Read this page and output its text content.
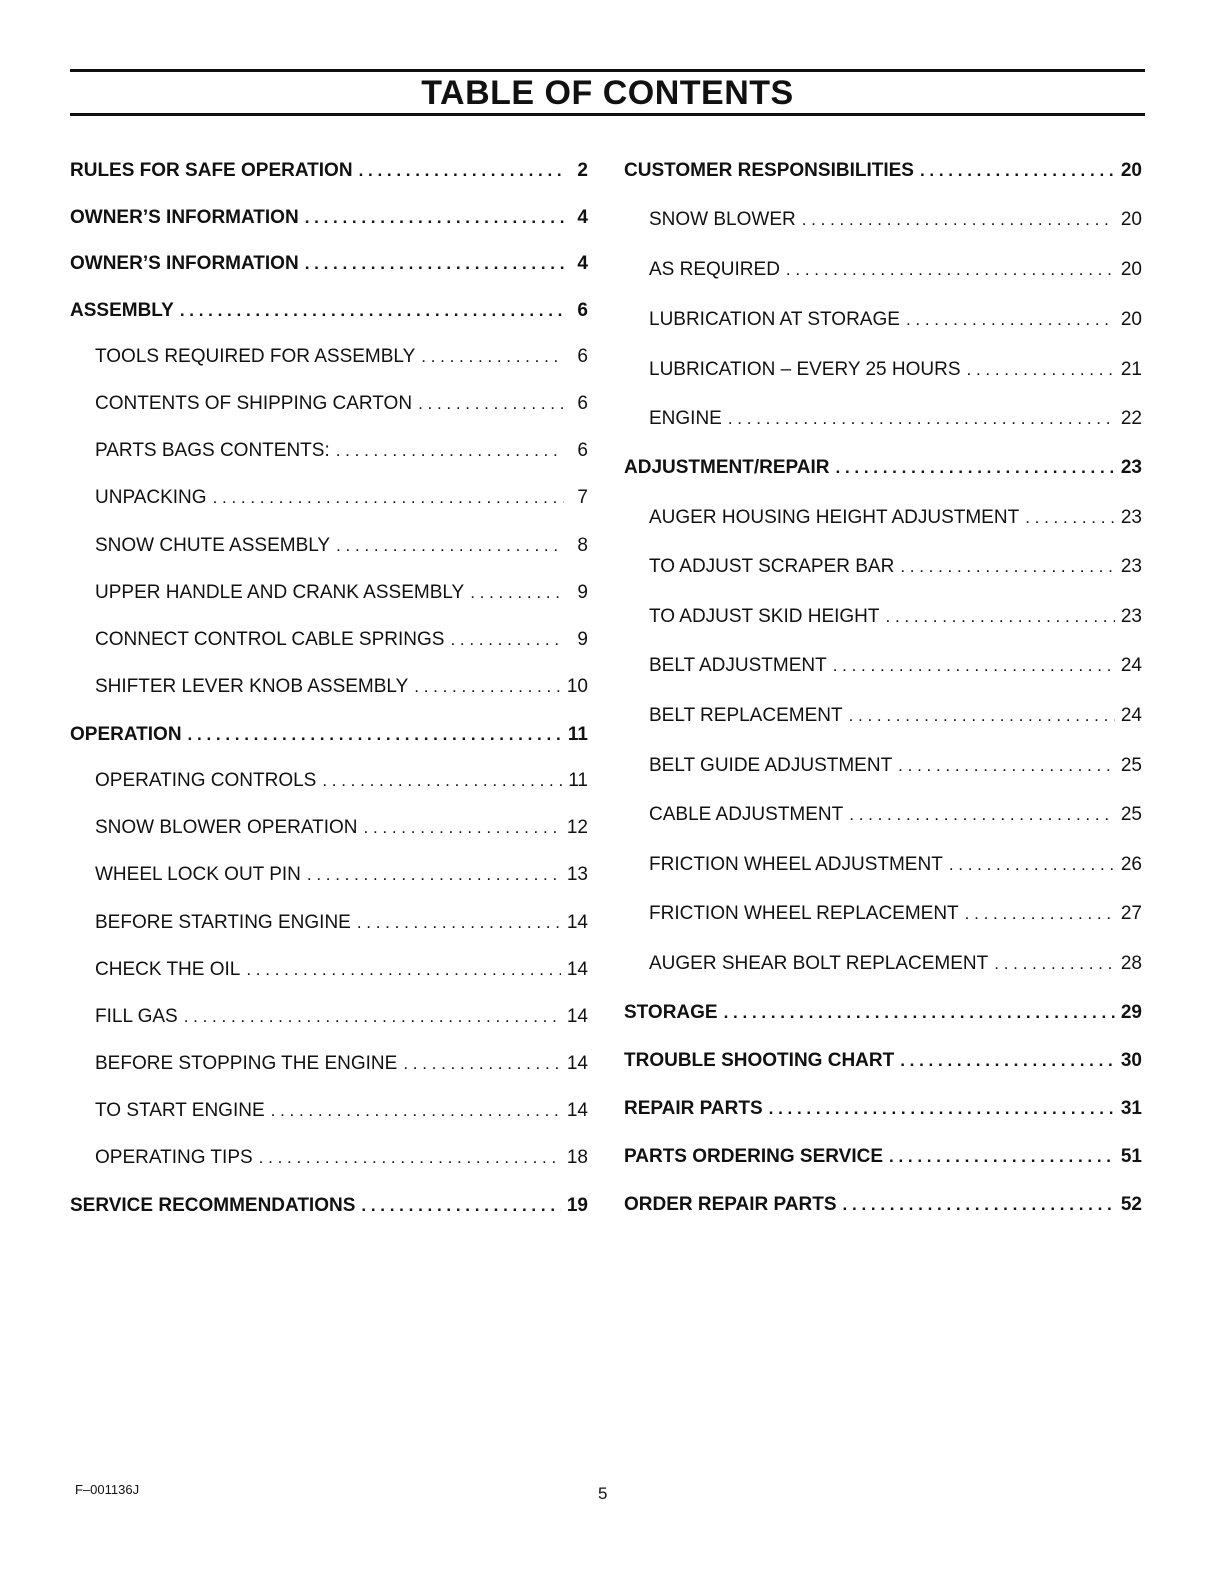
TABLE OF CONTENTS
RULES FOR SAFE OPERATION . . .	2
OWNER’S INFORMATION . . .	4
OWNER’S INFORMATION . . .	4
ASSEMBLY . . .	6
TOOLS REQUIRED FOR ASSEMBLY . . .	6
CONTENTS OF SHIPPING CARTON . . .	6
PARTS BAGS CONTENTS: . . .	6
UNPACKING . . .	7
SNOW CHUTE ASSEMBLY . . .	8
UPPER HANDLE AND CRANK ASSEMBLY . . .	9
CONNECT CONTROL CABLE SPRINGS . . .	9
SHIFTER LEVER KNOB ASSEMBLY . . .	10
OPERATION . . .	11
OPERATING CONTROLS . . .	11
SNOW BLOWER OPERATION . . .	12
WHEEL LOCK OUT PIN . . .	13
BEFORE STARTING ENGINE . . .	14
CHECK THE OIL . . .	14
FILL GAS . . .	14
BEFORE STOPPING THE ENGINE . . .	14
TO START ENGINE . . .	14
OPERATING TIPS . . .	18
SERVICE RECOMMENDATIONS . . .	19
CUSTOMER RESPONSIBILITIES . . .	20
SNOW BLOWER . . .	20
AS REQUIRED . . .	20
LUBRICATION AT STORAGE . . .	20
LUBRICATION – EVERY 25 HOURS . . .	21
ENGINE . . .	22
ADJUSTMENT/REPAIR . . .	23
AUGER HOUSING HEIGHT ADJUSTMENT . . .	23
TO ADJUST SCRAPER BAR . . .	23
TO ADJUST SKID HEIGHT . . .	23
BELT ADJUSTMENT . . .	24
BELT REPLACEMENT . . .	24
BELT GUIDE ADJUSTMENT . . .	25
CABLE ADJUSTMENT . . .	25
FRICTION WHEEL ADJUSTMENT . . .	26
FRICTION WHEEL REPLACEMENT . . .	27
AUGER SHEAR BOLT REPLACEMENT . . .	28
STORAGE . . .	29
TROUBLE SHOOTING CHART . . .	30
REPAIR PARTS . . .	31
PARTS ORDERING SERVICE . . .	51
ORDER REPAIR PARTS . . .	52
F–001136J	5
